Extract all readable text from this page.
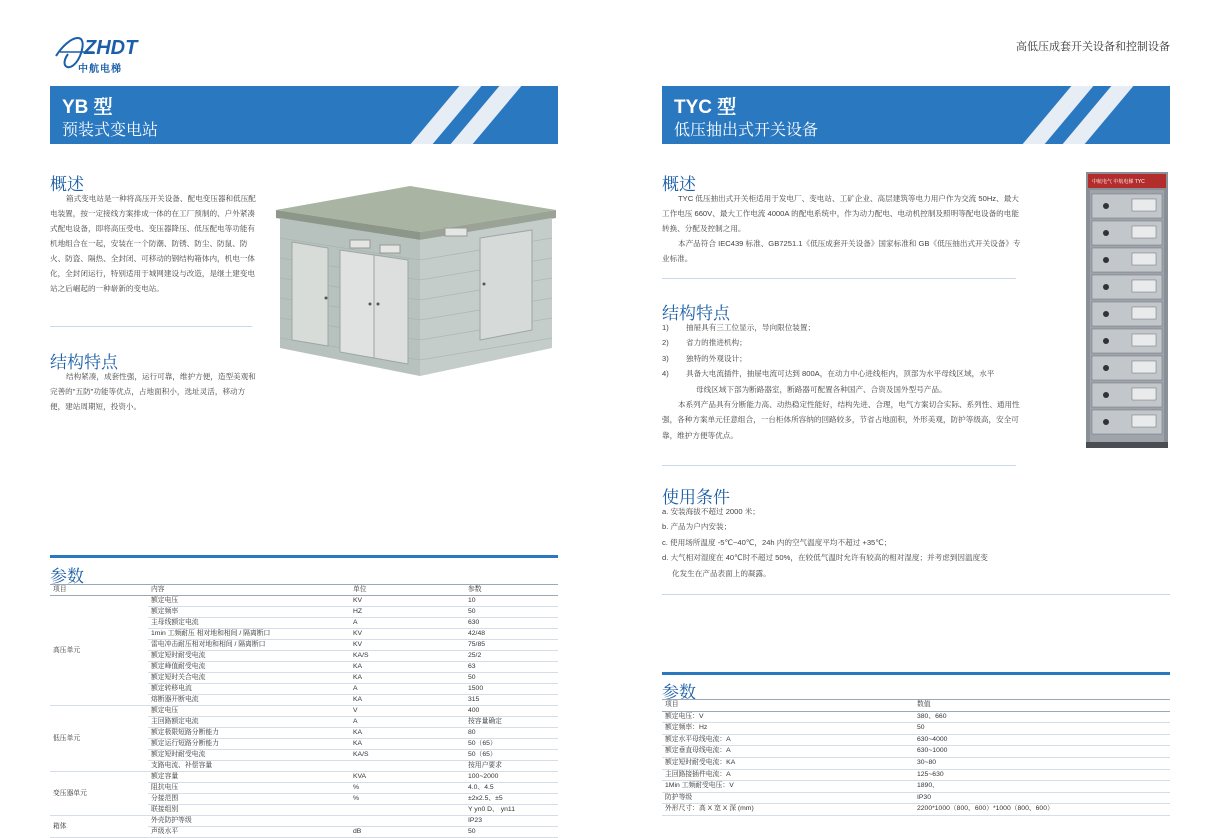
ZHDT
中航电梯
高低压成套开关设备和控制设备
YB 型
预装式变电站
TYC 型
低压抽出式开关设备
概述

箱式变电站是一种将高压开关设备、配电变压器和低压配电装置，按一定接线方案排成一体的在工厂预制的、户外紧凑式配电设备，即将高压受电、变压器降压、低压配电等功能有机地组合在一起，安装在一个防潮、防锈、防尘、防鼠、防火、防盗、隔热、全封闭、可移动的钢结构箱体内，机电一体化，全封闭运行，特别适用于城网建设与改造，是继土建变电站之后崛起的一种崭新的变电站。

结构特点

结构紧凑，成套性强，运行可靠，维护方便，造型美观和完善的"五防"功能等优点，占地面积小，选址灵活，移动方便，建站周期短，投资小。

参数
项目	内容	单位	参数
高压单元	额定电压	KV	10
	额定频率	HZ	50
	主母线额定电流	A	630
	1min 工频耐压 相对地和相间 / 隔离断口	KV	42/48
	雷电冲击耐压相对地和相间 / 隔离断口	KV	75/85
	额定短时耐受电流	KA/S	25/2
	额定峰值耐受电流	KA	63
	额定短时关合电流	KA	50
	额定转移电流	A	1500
	熔断器开断电流	KA	315
低压单元	额定电压	V	400
	主回路额定电流	A	按容量确定
	额定极限短路分断能力	KA	80
	额定运行短路分断能力	KA	50（65）
	额定短时耐受电流	KA/S	50（65）
	支路电流、补偿容量		按用户要求
变压器单元	额定容量	KVA	100~2000
	阻抗电压	%	4.0、4.5
	分接范围	%	±2x2.5、±5
	联接组别		Y yn0 D、 yn11
箱体	外壳防护等级		IP23
	声级水平	dB	50
概述

TYC 低压抽出式开关柜适用于发电厂、变电站、工矿企业、高层建筑等电力用户作为交流 50Hz、最大工作电压 660V、最大工作电流 4000A 的配电系统中，作为动力配电、电动机控制及照明等配电设备的电能转换、分配及控制之用。

本产品符合 IEC439 标准、GB7251.1《低压成套开关设备》国家标准和 GB《低压抽出式开关设备》专业标准。

结构特点
1)	抽屉具有三工位显示，导向限位装置；
2)	省力的推进机构；
3)	独特的外观设计；
4)	具备大电流插件，抽屉电流可达到 800A，在动力中心进线柜内，顶部为水平母线区域，水平
母线区域下部为断路器室，断路器可配置各种国产、合资及国外型号产品。
本系列产品具有分断能力高、动热稳定性能好，结构先进、合理，电气方案切合实际、系列性、通用性强，各种方案单元任意组合，一台柜体所容纳的回路较多，节省占地面积，外形美观，防护等级高，安全可靠，维护方便等优点。
使用条件
a. 安装海拔不超过 2000 米；
b. 产品为户内安装；
c. 使用场所温度 -5℃~40℃，24h 内的空气温度平均不超过 +35℃；
d. 大气相对湿度在 40℃时不超过 50%，在较低气温时允许有较高的相对湿度；并考虑到因温度变
化发生在产品表面上的凝露。
中航电气 中航电梯 TYC
参数
项目	数值
额定电压：V	380、660
额定频率：Hz	50
额定水平母线电流：A	630~4000
额定垂直母线电流：A	630~1000
额定短时耐受电流：KA	30~80
主回路接插件电流：A	125~630
1Min 工频耐受电压：V	1890、
防护等级	IP30
外形尺寸：高 X 宽 X 深 (mm)	2200*1000（800、600）*1000（800、600）
